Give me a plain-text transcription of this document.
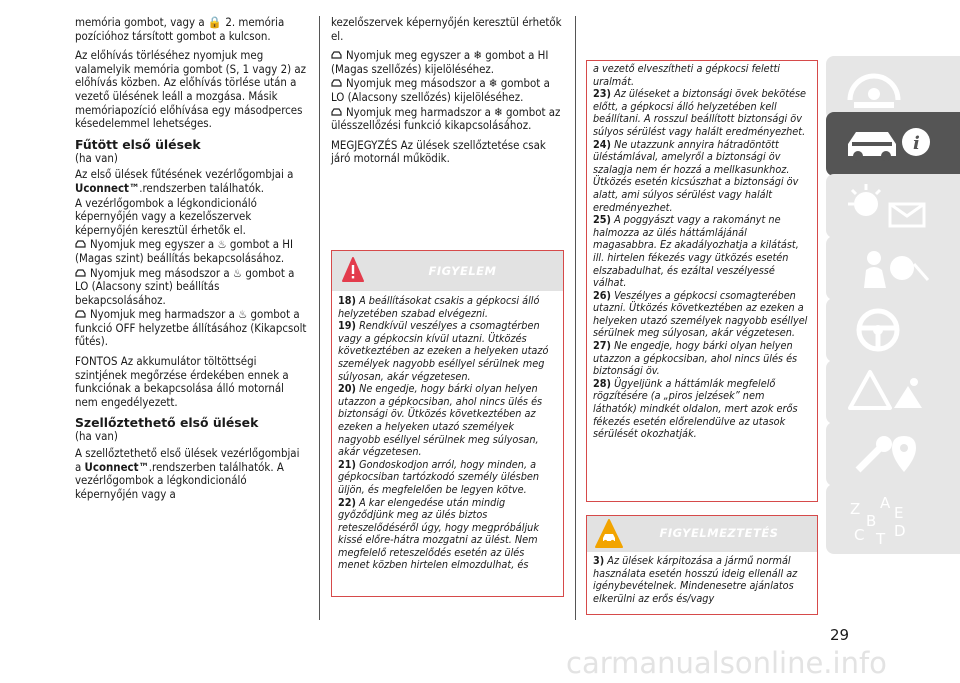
memória gombot, vagy a 🔒 2. memória pozícióhoz társított gombot a kulcson.

Az előhívás törléséhez nyomjuk meg valamelyik memória gombot (S, 1 vagy 2) az előhívás közben. Az előhívás törlése után a vezető ülésének leáll a mozgása. Másik memóriapozíció előhívása egy másodperces késedelemmel lehetséges.

Fűtött első ülések

(ha van)

Az első ülések fűtésének vezérlőgombjai a Uconnect™.rendszerben találhatók.

A vezérlőgombok a légkondicionáló képernyőjén vagy a kezelőszervek képernyőjén keresztül érhetők el.

Nyomjuk meg egyszer a ♨ gombot a HI (Magas szint) beállítás bekapcsolásához.

Nyomjuk meg másodszor a ♨ gombot a LO (Alacsony szint) beállítás bekapcsolásához.

Nyomjuk meg harmadszor a ♨ gombot a funkció OFF helyzetbe állításához (Kikapcsolt fűtés).

FONTOS Az akkumulátor töltöttségi szintjének megőrzése érdekében ennek a funkciónak a bekapcsolása álló motornál nem engedélyezett.

Szellőztethető első ülések

(ha van)

A szellőztethető első ülések vezérlőgombjai a Uconnect™.rendszerben találhatók. A vezérlőgombok a légkondicionáló képernyőjén vagy a

kezelőszervek képernyőjén keresztül érhetők el.

Nyomjuk meg egyszer a ❄ gombot a HI (Magas szellőzés) kijelöléséhez.

Nyomjuk meg másodszor a ❄ gombot a LO (Alacsony szellőzés) kijelöléséhez.

Nyomjuk meg harmadszor a ❄ gombot az ülésszellőzési funkció kikapcsolásához.

MEGJEGYZÉS Az ülések szellőztetése csak járó motornál működik.

FIGYELEM

18) A beállításokat csakis a gépkocsi álló helyzetében szabad elvégezni.

19) Rendkívül veszélyes a csomagtérben vagy a gépkocsin kívül utazni. Ütközés következtében az ezeken a helyeken utazó személyek nagyobb eséllyel sérülnek meg súlyosan, akár végzetesen.

20) Ne engedje, hogy bárki olyan helyen utazzon a gépkocsiban, ahol nincs ülés és biztonsági öv. Ütközés következtében az ezeken a helyeken utazó személyek nagyobb eséllyel sérülnek meg súlyosan, akár végzetesen.

21) Gondoskodjon arról, hogy minden, a gépkocsiban tartózkodó személy ülésben üljön, és megfelelően be legyen kötve.

22) A kar elengedése után mindig győződjünk meg az ülés biztos reteszelődéséről úgy, hogy megpróbáljuk kissé előre-hátra mozgatni az ülést. Nem megfelelő reteszelődés esetén az ülés menet közben hirtelen elmozdulhat, és

a vezető elveszítheti a gépkocsi feletti uralmát.

23) Az üléseket a biztonsági övek bekötése előtt, a gépkocsi álló helyzetében kell beállítani. A rosszul beállított biztonsági öv súlyos sérülést vagy halált eredményezhet.

24) Ne utazzunk annyira hátradöntött üléstámlával, amelyről a biztonsági öv szalagja nem ér hozzá a mellkasunkhoz. Ütközés esetén kicsúszhat a biztonsági öv alatt, ami súlyos sérülést vagy halált eredményezhet.

25) A poggyászt vagy a rakományt ne halmozza az ülés háttámlájánál magasabbra. Ez akadályozhatja a kilátást, ill. hirtelen fékezés vagy ütközés esetén elszabadulhat, és ezáltal veszélyessé válhat.

26) Veszélyes a gépkocsi csomagterében utazni. Ütközés következtében az ezeken a helyeken utazó személyek nagyobb eséllyel sérülnek meg súlyosan, akár végzetesen.

27) Ne engedje, hogy bárki olyan helyen utazzon a gépkocsiban, ahol nincs ülés és biztonsági öv.

28) Ügyeljünk a háttámlák megfelelő rögzítésére (a „piros jelzések” nem láthatók) mindkét oldalon, mert azok erős fékezés esetén előrelendülve az utasok sérülését okozhatják.

FIGYELMEZTETÉS

3) Az ülések kárpitozása a jármű normál használata esetén hosszú ideig ellenáll az igénybevételnek. Mindenesetre ajánlatos elkerülni az erős és/vagy

i
Z
B
A
E
C T D
29
carmanualsonline.info
